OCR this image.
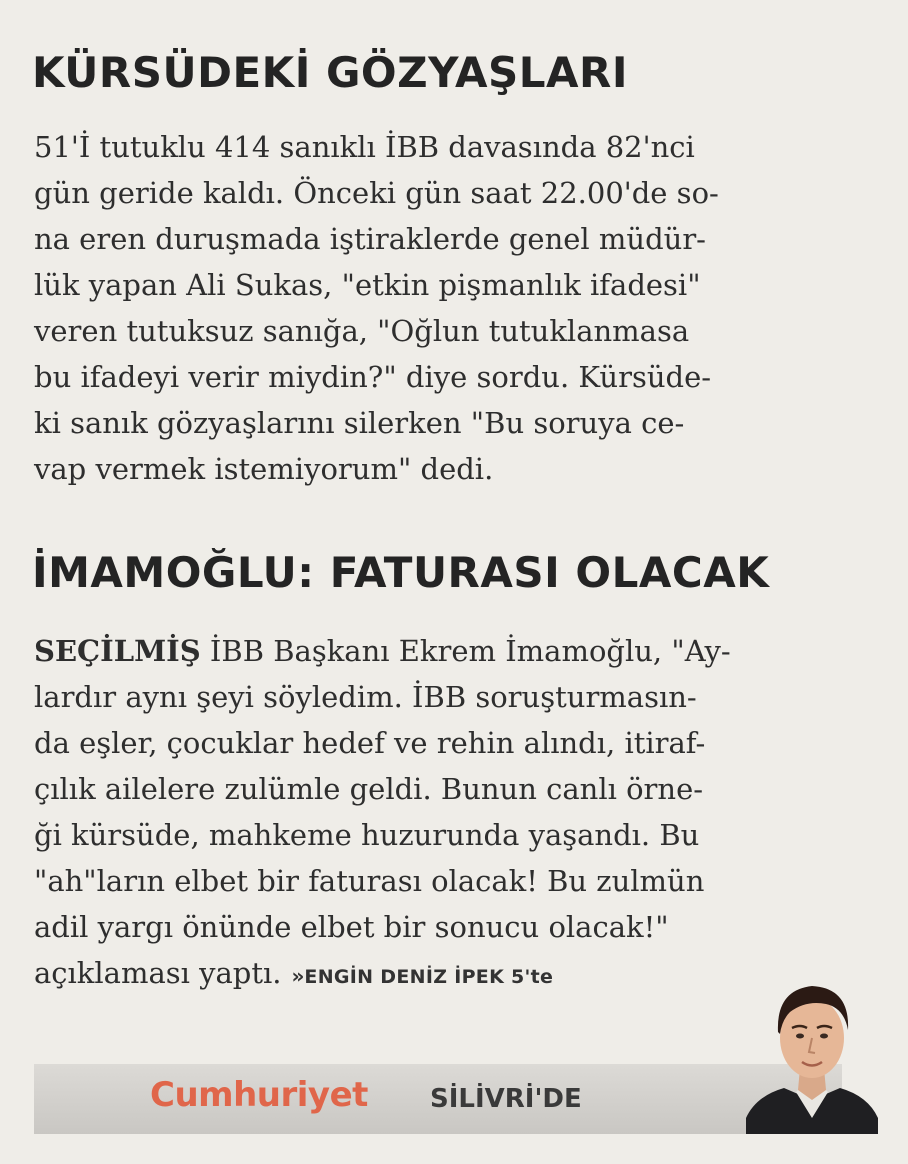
KÜRSÜDEKİ GÖZYAŞLARI
51'İ tutuklu 414 sanıklı İBB davasında 82'nci
gün geride kaldı. Önceki gün saat 22.00'de so-
na eren duruşmada iştiraklerde genel müdür-
lük yapan Ali Sukas, "etkin pişmanlık ifadesi"
veren tutuksuz sanığa, "Oğlun tutuklanmasa
bu ifadeyi verir miydin?" diye sordu. Kürsüde-
ki sanık gözyaşlarını silerken "Bu soruya ce-
vap vermek istemiyorum" dedi.
İMAMOĞLU: FATURASI OLACAK
SEÇİLMİŞ İBB Başkanı Ekrem İmamoğlu, "Ay-
lardır aynı şeyi söyledim. İBB soruşturmasın-
da eşler, çocuklar hedef ve rehin alındı, itiraf-
çılık ailelere zulümle geldi. Bunun canlı örne-
ği kürsüde, mahkeme huzurunda yaşandı. Bu
"ah"ların elbet bir faturası olacak! Bu zulmün
adil yargı önünde elbet bir sonucu olacak!"
açıklaması yaptı. »ENGİN DENİZ İPEK 5'te
Cumhuriyet SİLİVRİ'DE
